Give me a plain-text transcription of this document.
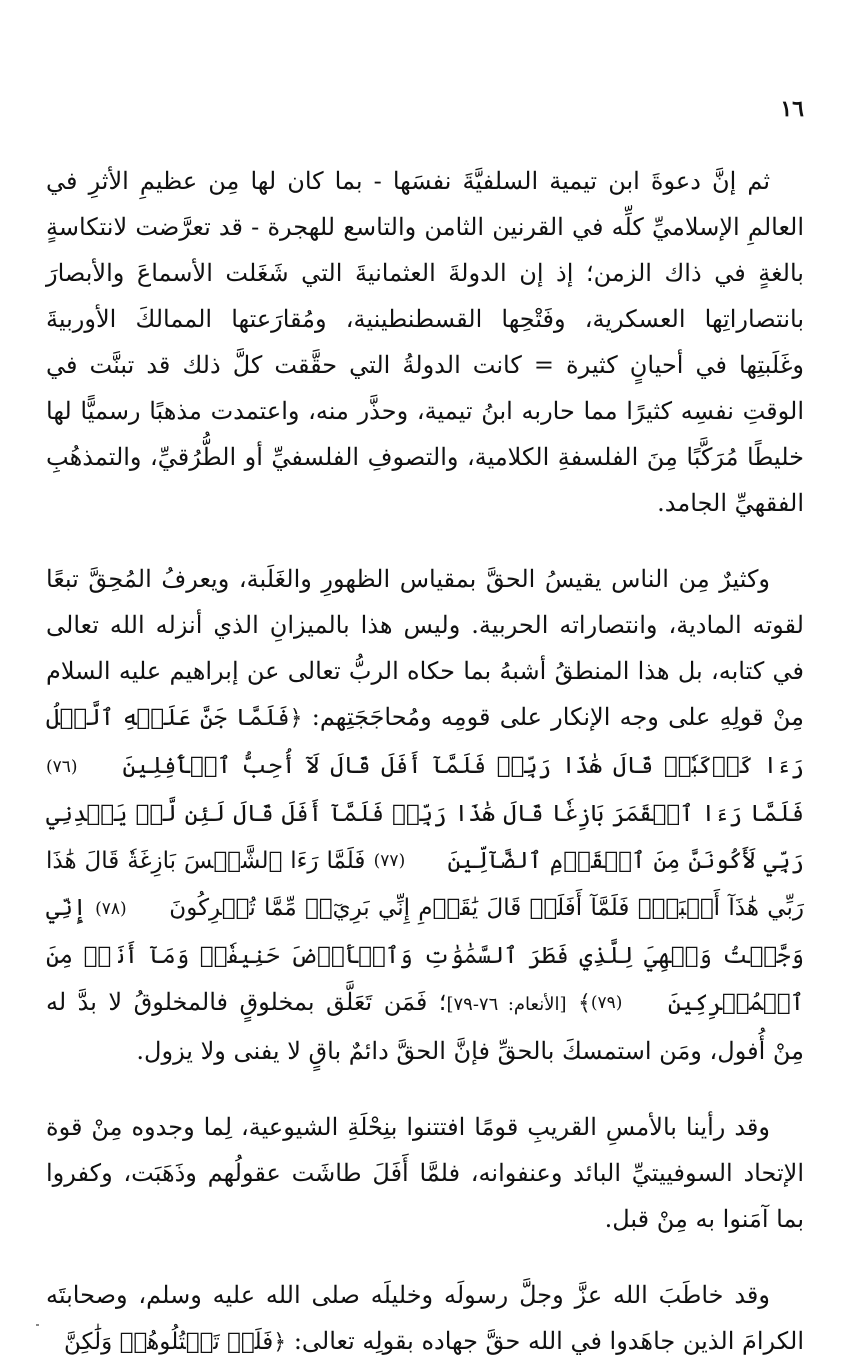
١٦

ثم إنَّ دعوةَ ابن تيمية السلفيَّةَ نفسَها - بما كان لها مِن عظيمِ الأثرِ في العالمِ الإسلاميِّ كلِّه في القرنين الثامن والتاسع للهجرة - قد تعرَّضت لانتكاسةٍ بالغةٍ في ذاك الزمن؛ إذ إن الدولةَ العثمانيةَ التي شَغَلت الأسماعَ والأبصارَ بانتصاراتِها العسكرية، وفَتْحِها القسطنطينية، ومُقارَعتها الممالكَ الأوربيةَ وغَلَبتِها في أحيانٍ كثيرة = كانت الدولةُ التي حقَّقت كلَّ ذلك قد تبنَّت في الوقتِ نفسِه كثيرًا مما حاربه ابنُ تيمية، وحذَّر منه، واعتمدت مذهبًا رسميًّا لها خليطًا مُرَكَّبًا مِنَ الفلسفةِ الكلامية، والتصوفِ الفلسفيِّ أو الطُّرُقيِّ، والتمذهُبِ الفقهيِّ الجامد.

وكثيرٌ مِن الناس يقيسُ الحقَّ بمقياس الظهورِ والغَلَبة، ويعرفُ المُحِقَّ تبعًا لقوته المادية، وانتصاراته الحربية. وليس هذا بالميزانِ الذي أنزله الله تعالى في كتابه، بل هذا المنطقُ أشبهُ بما حكاه الربُّ تعالى عن إبراهيم عليه السلام مِنْ قولِهِ على وجه الإنكار على قومِه ومُحاجَجَتِهم: ﴿فَلَمَّا جَنَّ عَلَيۡهِ ٱلَّيۡلُ رَءَا كَوۡكَبٗاۖ قَالَ هَٰذَا رَبِّيۖ فَلَمَّآ أَفَلَ قَالَ لَآ أُحِبُّ ٱلۡأٓفِلِينَ (٧٦) فَلَمَّا رَءَا ٱلۡقَمَرَ بَازِغٗا قَالَ هَٰذَا رَبِّيۖ فَلَمَّآ أَفَلَ قَالَ لَئِن لَّمۡ يَهۡدِنِي رَبِّي لَأَكُونَنَّ مِنَ ٱلۡقَوۡمِ ٱلضَّآلِّينَ (٧٧) فَلَمَّا رَءَا ٱلشَّمۡسَ بَازِغَةٗ قَالَ هَٰذَا رَبِّي هَٰذَآ أَكۡبَرُۖ فَلَمَّآ أَفَلَتۡ قَالَ يَٰقَوۡمِ إِنِّي بَرِيٓءٞ مِّمَّا تُشۡرِكُونَ (٧٨) إِنِّي وَجَّهۡتُ وَجۡهِيَ لِلَّذِي فَطَرَ ٱلسَّمَٰوَٰتِ وَٱلۡأَرۡضَ حَنِيفٗاۖ وَمَآ أَنَا۠ مِنَ ٱلۡمُشۡرِكِينَ (٧٩)﴾ [الأنعام: ٧٦-٧٩]؛ فَمَن تَعَلَّق بمخلوقٍ فالمخلوقُ لا بدَّ له مِنْ أُفول، ومَن استمسكَ بالحقِّ فإنَّ الحقَّ دائمٌ باقٍ لا يفنى ولا يزول.

وقد رأينا بالأمسِ القريبِ قومًا افتتنوا بنِحْلَةِ الشيوعية، لِما وجدوه مِنْ قوة الإتحاد السوفييتيِّ البائد وعنفوانه، فلمَّا أَفَلَ طاشَت عقولُهم وذَهَبَت، وكفروا بما آمَنوا به مِنْ قبل.

وقد خاطَبَ الله عزَّ وجلَّ رسولَه وخليلَه صلى الله عليه وسلم، وصحابتَه الكرامَ الذين جاهَدوا في الله حقَّ جهاده بقولِه تعالى: ﴿فَلَمۡ تَقۡتُلُوهُمۡ وَلَٰكِنَّ
